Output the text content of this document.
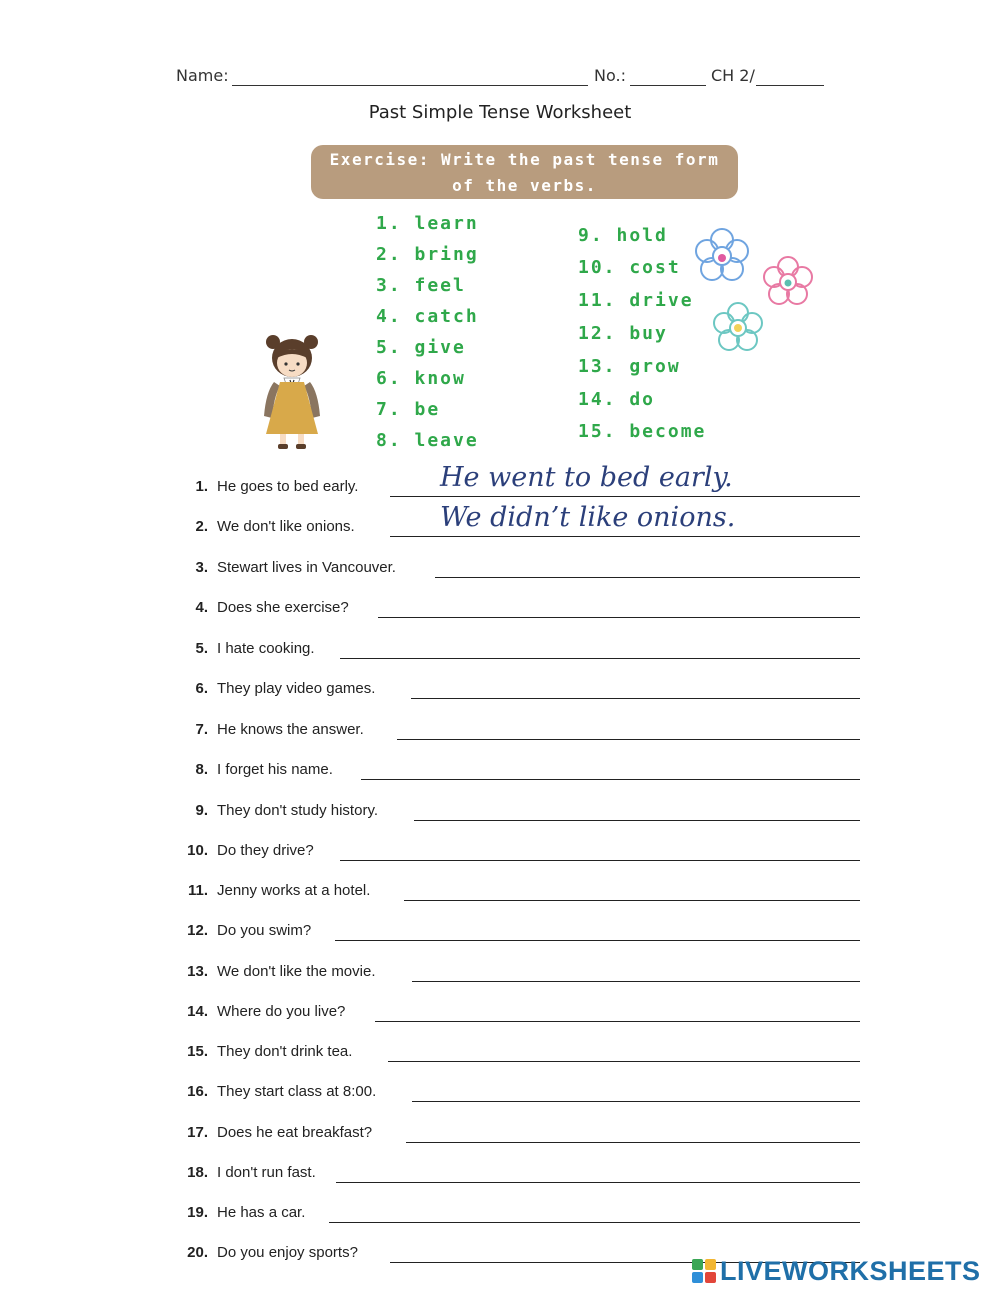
Name:	No.:	CH 2/
Past Simple Tense Worksheet
Exercise: Write the past tense form
of the verbs.
1. learn
2. bring
3. feel
4. catch
5. give
6. know
7. be
8. leave
9. hold
10. cost
11. drive
12. buy
13. grow
14. do
15. become
1. He goes to bed early.	He went to bed early.
2. We don't like onions.	We didn’t like onions.
3. Stewart lives in Vancouver.
4. Does she exercise?
5. I hate cooking.
6. They play video games.
7. He knows the answer.
8. I forget his name.
9. They don't study history.
10. Do they drive?
11. Jenny works at a hotel.
12. Do you swim?
13. We don't like the movie.
14. Where do you live?
15. They don't drink tea.
16. They start class at 8:00.
17. Does he eat breakfast?
18. I don't run fast.
19. He has a car.
20. Do you enjoy sports?
LIVEWORKSHEETS
